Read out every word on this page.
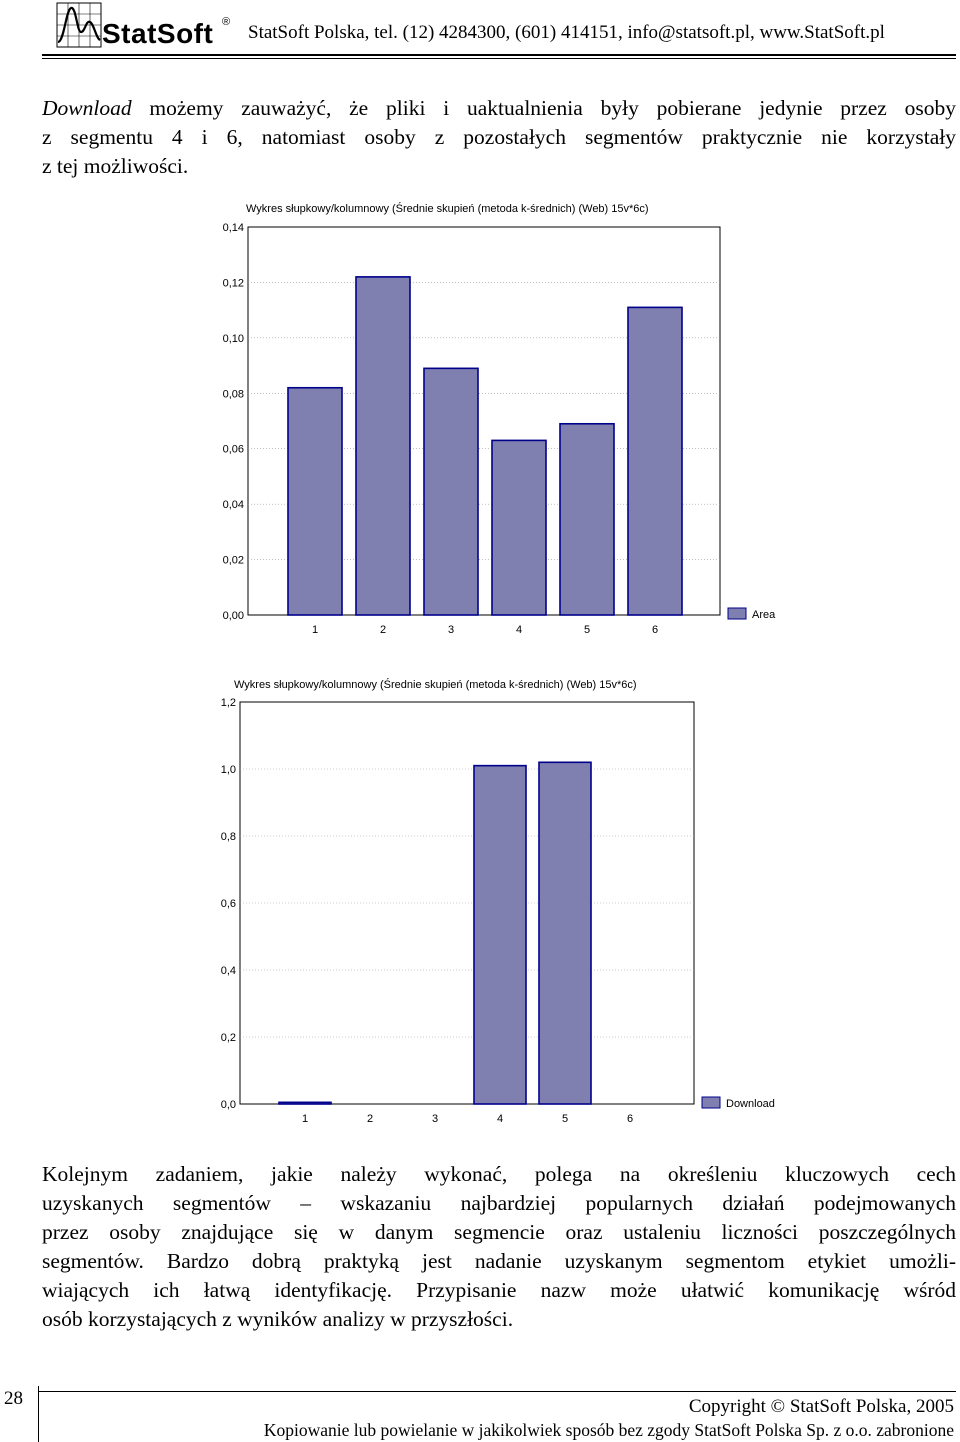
StatSoft ® StatSoft Polska, tel. (12) 4284300, (601) 414151, info@statsoft.pl, www.StatSoft.pl
Download możemy zauważyć, że pliki i uaktualnienia były pobierane jedynie przez osoby
z segmentu 4 i 6, natomiast osoby z pozostałych segmentów praktycznie nie korzystały
z tej możliwości.
0,00
0,02
0,04
0,06
0,08
0,10
0,12
0,14
Wykres słupkowy/kolumnowy (Średnie skupień (metoda k-średnich) (Web) 15v*6c)
1	2	3	4	5	6
Area
0,0
0,2
0,4
0,6
0,8
1,0
1,2
Wykres słupkowy/kolumnowy (Średnie skupień (metoda k-średnich) (Web) 15v*6c)
1	2	3	4	5	6
Download
Kolejnym zadaniem, jakie należy wykonać, polega na określeniu kluczowych cech
uzyskanych segmentów – wskazaniu najbardziej popularnych działań podejmowanych
przez osoby znajdujące się w danym segmencie oraz ustaleniu liczności poszczególnych
segmentów. Bardzo dobrą praktyką jest nadanie uzyskanym segmentom etykiet umożli-
wiających ich łatwą identyfikację. Przypisanie nazw może ułatwić komunikację wśród
osób korzystających z wyników analizy w przyszłości.
28	Copyright © StatSoft Polska, 2005
Kopiowanie lub powielanie w jakikolwiek sposób bez zgody StatSoft Polska Sp. z o.o. zabronione
